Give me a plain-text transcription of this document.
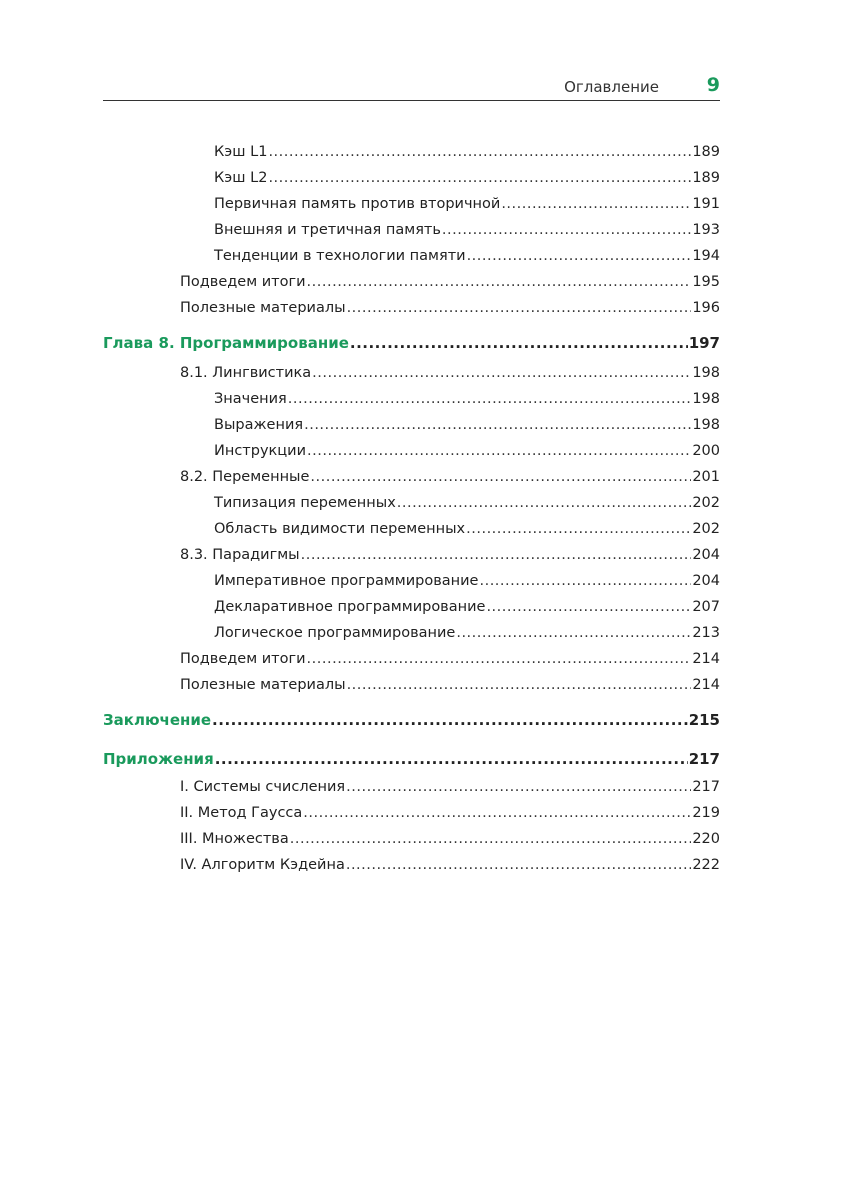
Оглавление	9
Кэш L1 .....	189
Кэш L2 .....	189
Первичная память против вторичной .....	191
Внешняя и третичная память .....	193
Тенденции в технологии памяти .....	194
Подведем итоги .....	195
Полезные материалы .....	196
Глава 8. Программирование .....	197
8.1. Лингвистика .....	198
Значения .....	198
Выражения .....	198
Инструкции .....	200
8.2. Переменные .....	201
Типизация переменных .....	202
Область видимости переменных .....	202
8.3. Парадигмы .....	204
Императивное программирование .....	204
Декларативное программирование .....	207
Логическое программирование .....	213
Подведем итоги .....	214
Полезные материалы .....	214
Заключение .....	215
Приложения .....	217
I. Системы счисления .....	217
II. Метод Гаусса .....	219
III. Множества .....	220
IV. Алгоритм Кэдейна .....	222
